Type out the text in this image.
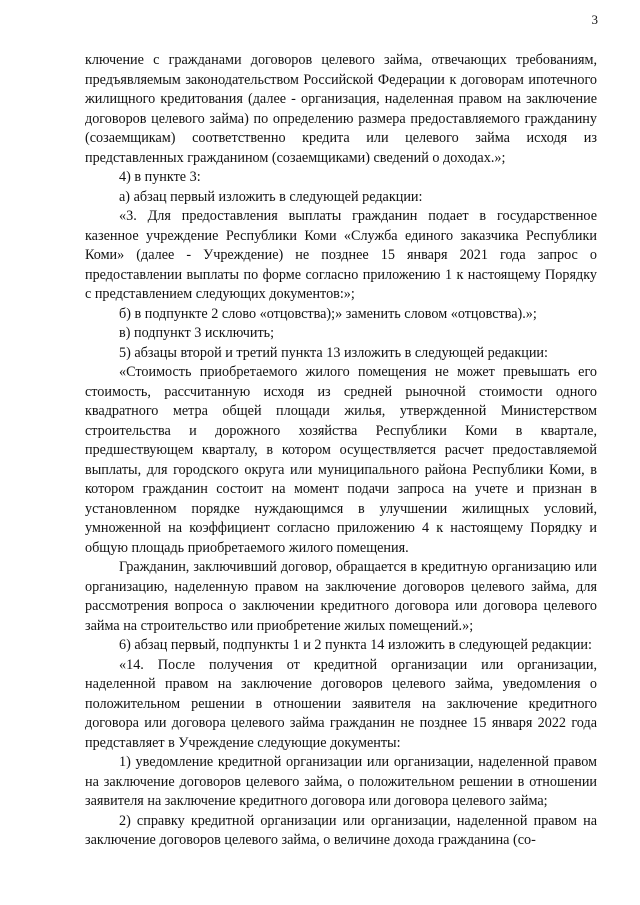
3

ключение с гражданами договоров целевого займа, отвечающих требованиям, предъявляемым законодательством Российской Федерации к договорам ипотечного жилищного кредитования (далее - организация, наделенная правом на заключение договоров целевого займа) по определению размера предоставляемого гражданину (созаемщикам) соответственно кредита или целевого займа исходя из представленных гражданином (созаемщиками) сведений о доходах.»;

4) в пункте 3:

а) абзац первый изложить в следующей редакции:

«3. Для предоставления выплаты гражданин подает в государственное казенное учреждение Республики Коми «Служба единого заказчика Республики Коми» (далее - Учреждение) не позднее 15 января 2021 года запрос о предоставлении выплаты по форме согласно приложению 1 к настоящему Порядку с представлением следующих документов:»;

б) в подпункте 2 слово «отцовства);» заменить словом «отцовства).»;

в) подпункт 3 исключить;

5) абзацы второй и третий пункта 13 изложить в следующей редакции:

«Стоимость приобретаемого жилого помещения не может превышать его стоимость, рассчитанную исходя из средней рыночной стоимости одного квадратного метра общей площади жилья, утвержденной Министерством строительства и дорожного хозяйства Республики Коми в квартале, предшествующем кварталу, в котором осуществляется расчет предоставляемой выплаты, для городского округа или муниципального района Республики Коми, в котором гражданин состоит на момент подачи запроса на учете и признан в установленном порядке нуждающимся в улучшении жилищных условий, умноженной на коэффициент согласно приложению 4 к настоящему Порядку и общую площадь приобретаемого жилого помещения.

Гражданин, заключивший договор, обращается в кредитную организацию или организацию, наделенную правом на заключение договоров целевого займа, для рассмотрения вопроса о заключении кредитного договора или договора целевого займа на строительство или приобретение жилых помещений.»;

6) абзац первый, подпункты 1 и 2 пункта 14 изложить в следующей редакции:

«14. После получения от кредитной организации или организации, наделенной правом на заключение договоров целевого займа, уведомления о положительном решении в отношении заявителя на заключение кредитного договора или договора целевого займа гражданин не позднее 15 января 2022 года представляет в Учреждение следующие документы:

1) уведомление кредитной организации или организации, наделенной правом на заключение договоров целевого займа, о положительном решении в отношении заявителя на заключение кредитного договора или договора целевого займа;

2) справку кредитной организации или организации, наделенной правом на заключение договоров целевого займа, о величине дохода гражданина (со-
